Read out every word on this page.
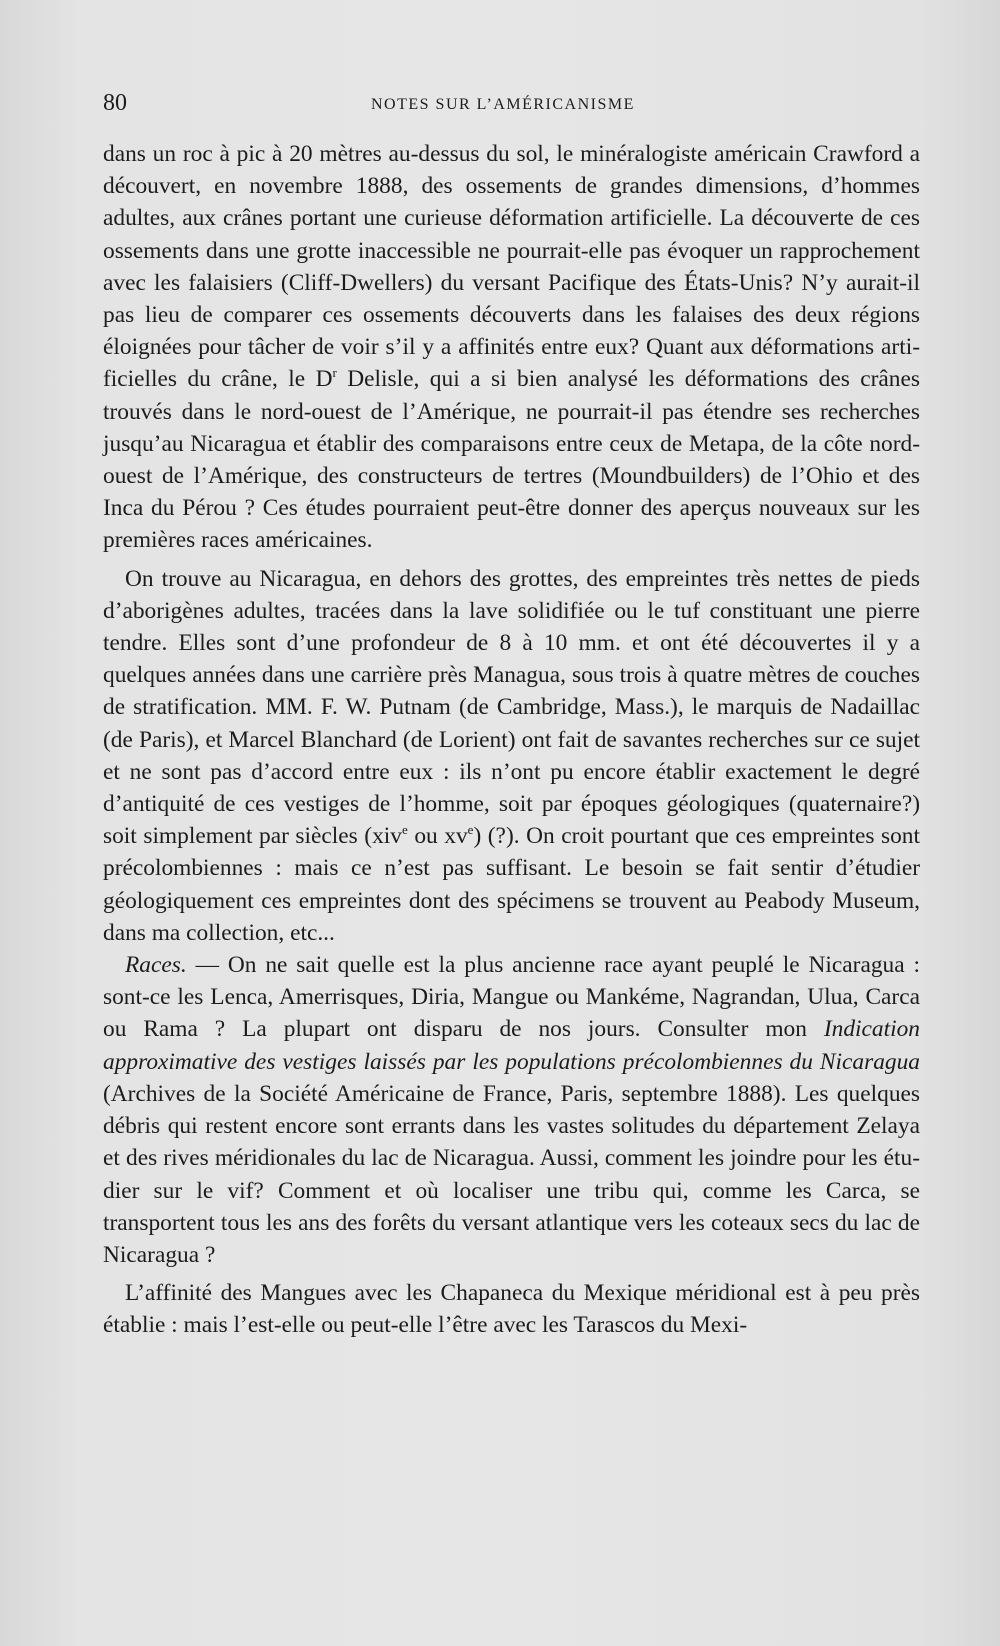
80	NOTES SUR L’AMÉRICANISME

dans un roc à pic à 20 mètres au-dessus du sol, le minéralogiste américain Crawford a découvert, en novembre 1888, des ossements de grandes dimensions, d’hommes adultes, aux crânes portant une curieuse déformation artificielle. La découverte de ces ossements dans une grotte inaccessible ne pourrait-elle pas évoquer un rapprochement avec les falaisiers (Cliff-Dwellers) du versant Pacifique des États-Unis? N’y aurait-il pas lieu de comparer ces ossements découverts dans les falaises des deux régions éloignées pour tâcher de voir s’il y a affinités entre eux? Quant aux déformations artificielles du crâne, le $D^r$ Delisle, qui a si bien analysé les déformations des crânes trouvés dans le nord-ouest de l’Amérique, ne pourrait-il pas étendre ses recherches jusqu’au Nicaragua et établir des comparaisons entre ceux de Metapa, de la côte nord-ouest de l’Amérique, des constructeurs de tertres (Moundbuilders) de l’Ohio et des Inca du Pérou ? Ces études pourraient peut-être donner des aperçus nouveaux sur les premières races américaines.

On trouve au Nicaragua, en dehors des grottes, des empreintes très nettes de pieds d’aborigènes adultes, tracées dans la lave solidifiée ou le tuf constituant une pierre tendre. Elles sont d’une profondeur de 8 à 10 mm. et ont été découvertes il y a quelques années dans une carrière près Managua, sous trois à quatre mètres de couches de stratification. MM. F. W. Putnam (de Cambridge, Mass.), le marquis de Nadaillac (de Paris), et Marcel Blanchard (de Lorient) ont fait de savantes recherches sur ce sujet et ne sont pas d’accord entre eux : ils n’ont pu encore établir exactement le degré d’antiquité de ces vestiges de l’homme, soit par époques géologiques (quaternaire?) soit simplement par siècles (xiv$^e$ ou $xv^e$) (?). On croit pourtant que ces empreintes sont précolombiennes : mais ce n’est pas suffisant. Le besoin se fait sentir d’étudier géologiquement ces empreintes dont des spécimens se trouvent au Peabody Museum, dans ma collection, etc...

Races. — On ne sait quelle est la plus ancienne race ayant peuplé le Nicaragua : sont-ce les Lenca, Amerrisques, Diria, Mangue ou Mankéme, Nagrandan, Ulua, Carca ou Rama ? La plupart ont disparu de nos jours. Consulter mon Indication approximative des vestiges laissés par les populations précolombiennes du Nicaragua (Archives de la Société Américaine de France, Paris, septembre 1888). Les quelques débris qui restent encore sont errants dans les vastes solitudes du département Zelaya et des rives méridionales du lac de Nicaragua. Aussi, comment les joindre pour les étudier sur le vif? Comment et où localiser une tribu qui, comme les Carca, se transportent tous les ans des forêts du versant atlantique vers les coteaux secs du lac de Nicaragua ?

L’affinité des Mangues avec les Chapaneca du Mexique méridional est à peu près établie : mais l’est-elle ou peut-elle l’être avec les Tarascos du Mexi-
